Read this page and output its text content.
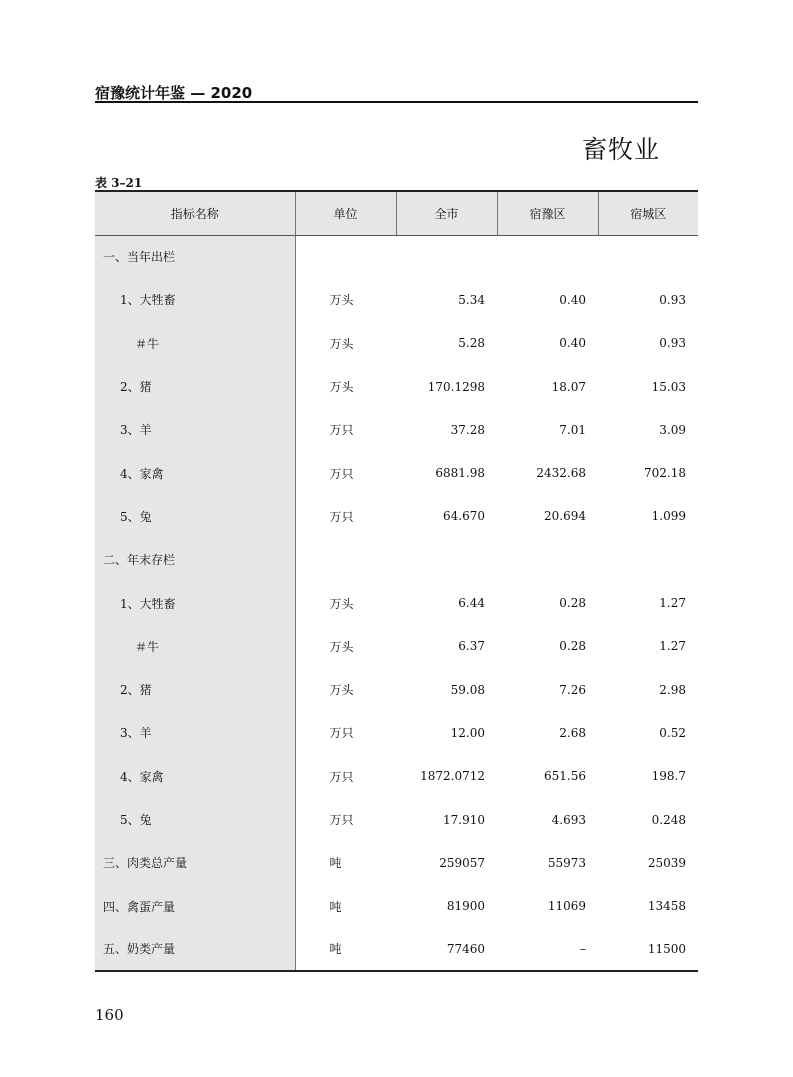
宿豫统计年鉴 — 2020
畜牧业
表 3–21
指标名称	单位	全市	宿豫区	宿城区
一、当年出栏				
1、大牲畜	万头	5.34	0.40	0.93
＃牛	万头	5.28	0.40	0.93
2、猪	万头	170.1298	18.07	15.03
3、羊	万只	37.28	7.01	3.09
4、家禽	万只	6881.98	2432.68	702.18
5、兔	万只	64.670	20.694	1.099
二、年末存栏				
1、大牲畜	万头	6.44	0.28	1.27
＃牛	万头	6.37	0.28	1.27
2、猪	万头	59.08	7.26	2.98
3、羊	万只	12.00	2.68	0.52
4、家禽	万只	1872.0712	651.56	198.7
5、兔	万只	17.910	4.693	0.248
三、肉类总产量	吨	259057	55973	25039
四、禽蛋产量	吨	81900	11069	13458
五、奶类产量	吨	77460	–	11500
160
